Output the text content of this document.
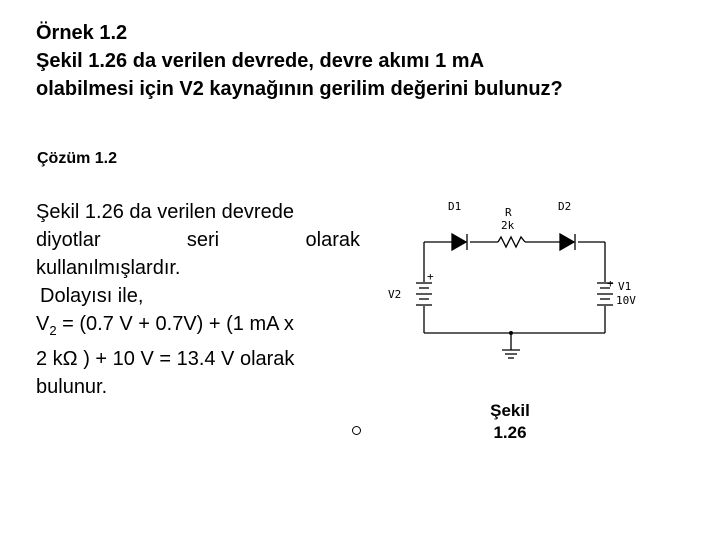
Örnek 1.2
Şekil 1.26 da verilen devrede, devre akımı 1 mA
olabilmesi için V2 kaynağının gerilim değerini bulunuz?
Çözüm 1.2
Şekil 1.26 da verilen devrede
diyotlar seri olarak
kullanılmışlardır.
Dolayısı ile,
$V_2 = (0.7$ V + 0.7V) + (1 mA x
2 kΩ ) + 10 V = 13.4 V olarak
bulunur.
D1	D2
R
2k
V2
+
V1
10V
+
Şekil
1.26
